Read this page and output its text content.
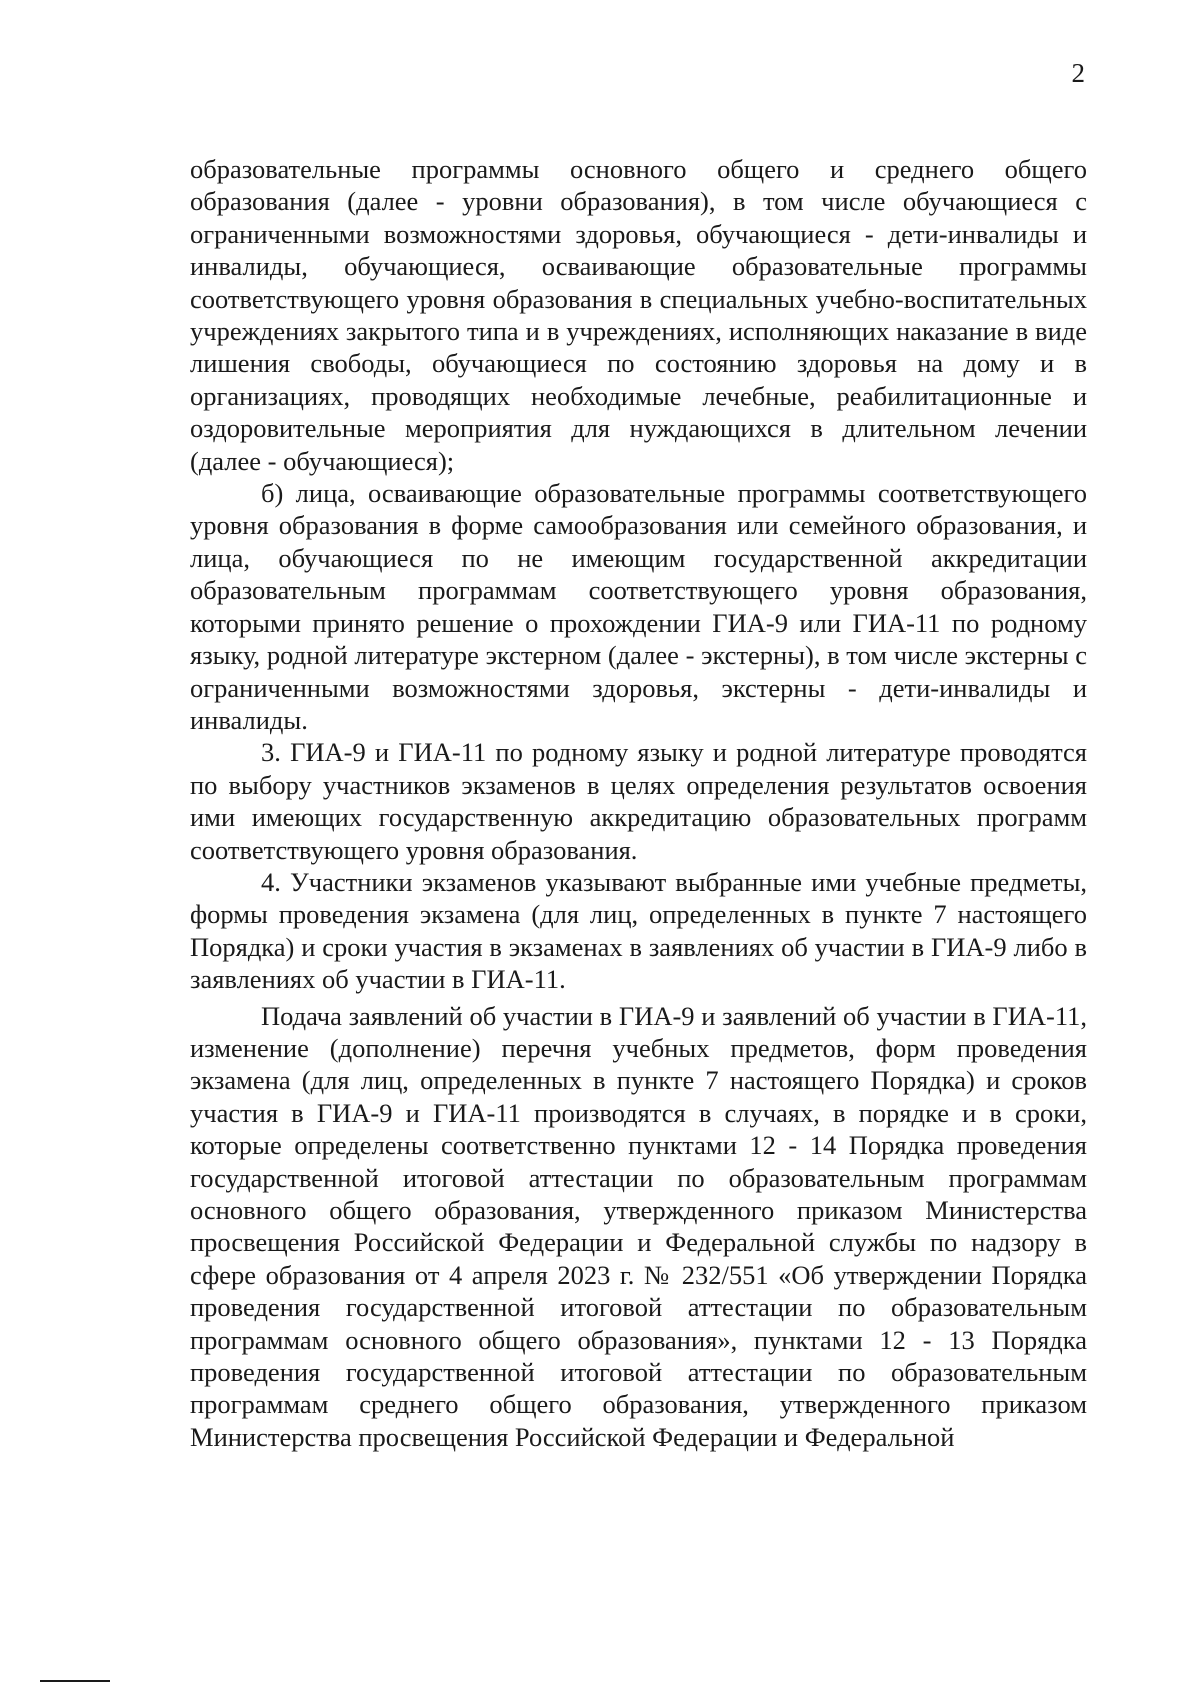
2

образовательные программы основного общего и среднего общего образования (далее - уровни образования), в том числе обучающиеся с ограниченными возможностями здоровья, обучающиеся - дети-инвалиды и инвалиды, обучающиеся, осваивающие образовательные программы соответствующего уровня образования в специальных учебно-воспитательных учреждениях закрытого типа и в учреждениях, исполняющих наказание в виде лишения свободы, обучающиеся по состоянию здоровья на дому и в организациях, проводящих необходимые лечебные, реабилитационные и оздоровительные мероприятия для нуждающихся в длительном лечении (далее - обучающиеся);

б) лица, осваивающие образовательные программы соответствующего уровня образования в форме самообразования или семейного образования, и лица, обучающиеся по не имеющим государственной аккредитации образовательным программам соответствующего уровня образования, которыми принято решение о прохождении ГИА-9 или ГИА-11 по родному языку, родной литературе экстерном (далее - экстерны), в том числе экстерны с ограниченными возможностями здоровья, экстерны - дети-инвалиды и инвалиды.

3. ГИА-9 и ГИА-11 по родному языку и родной литературе проводятся по выбору участников экзаменов в целях определения результатов освоения ими имеющих государственную аккредитацию образовательных программ соответствующего уровня образования.

4. Участники экзаменов указывают выбранные ими учебные предметы, формы проведения экзамена (для лиц, определенных в пункте 7 настоящего Порядка) и сроки участия в экзаменах в заявлениях об участии в ГИА-9 либо в заявлениях об участии в ГИА-11.

Подача заявлений об участии в ГИА-9 и заявлений об участии в ГИА-11, изменение (дополнение) перечня учебных предметов, форм проведения экзамена (для лиц, определенных в пункте 7 настоящего Порядка) и сроков участия в ГИА-9 и ГИА-11 производятся в случаях, в порядке и в сроки, которые определены соответственно пунктами 12 - 14 Порядка проведения государственной итоговой аттестации по образовательным программам основного общего образования, утвержденного приказом Министерства просвещения Российской Федерации и Федеральной службы по надзору в сфере образования от 4 апреля 2023 г. № 232/551 «Об утверждении Порядка проведения государственной итоговой аттестации по образовательным программам основного общего образования», пунктами 12 - 13 Порядка проведения государственной итоговой аттестации по образовательным программам среднего общего образования, утвержденного приказом Министерства просвещения Российской Федерации и Федеральной
